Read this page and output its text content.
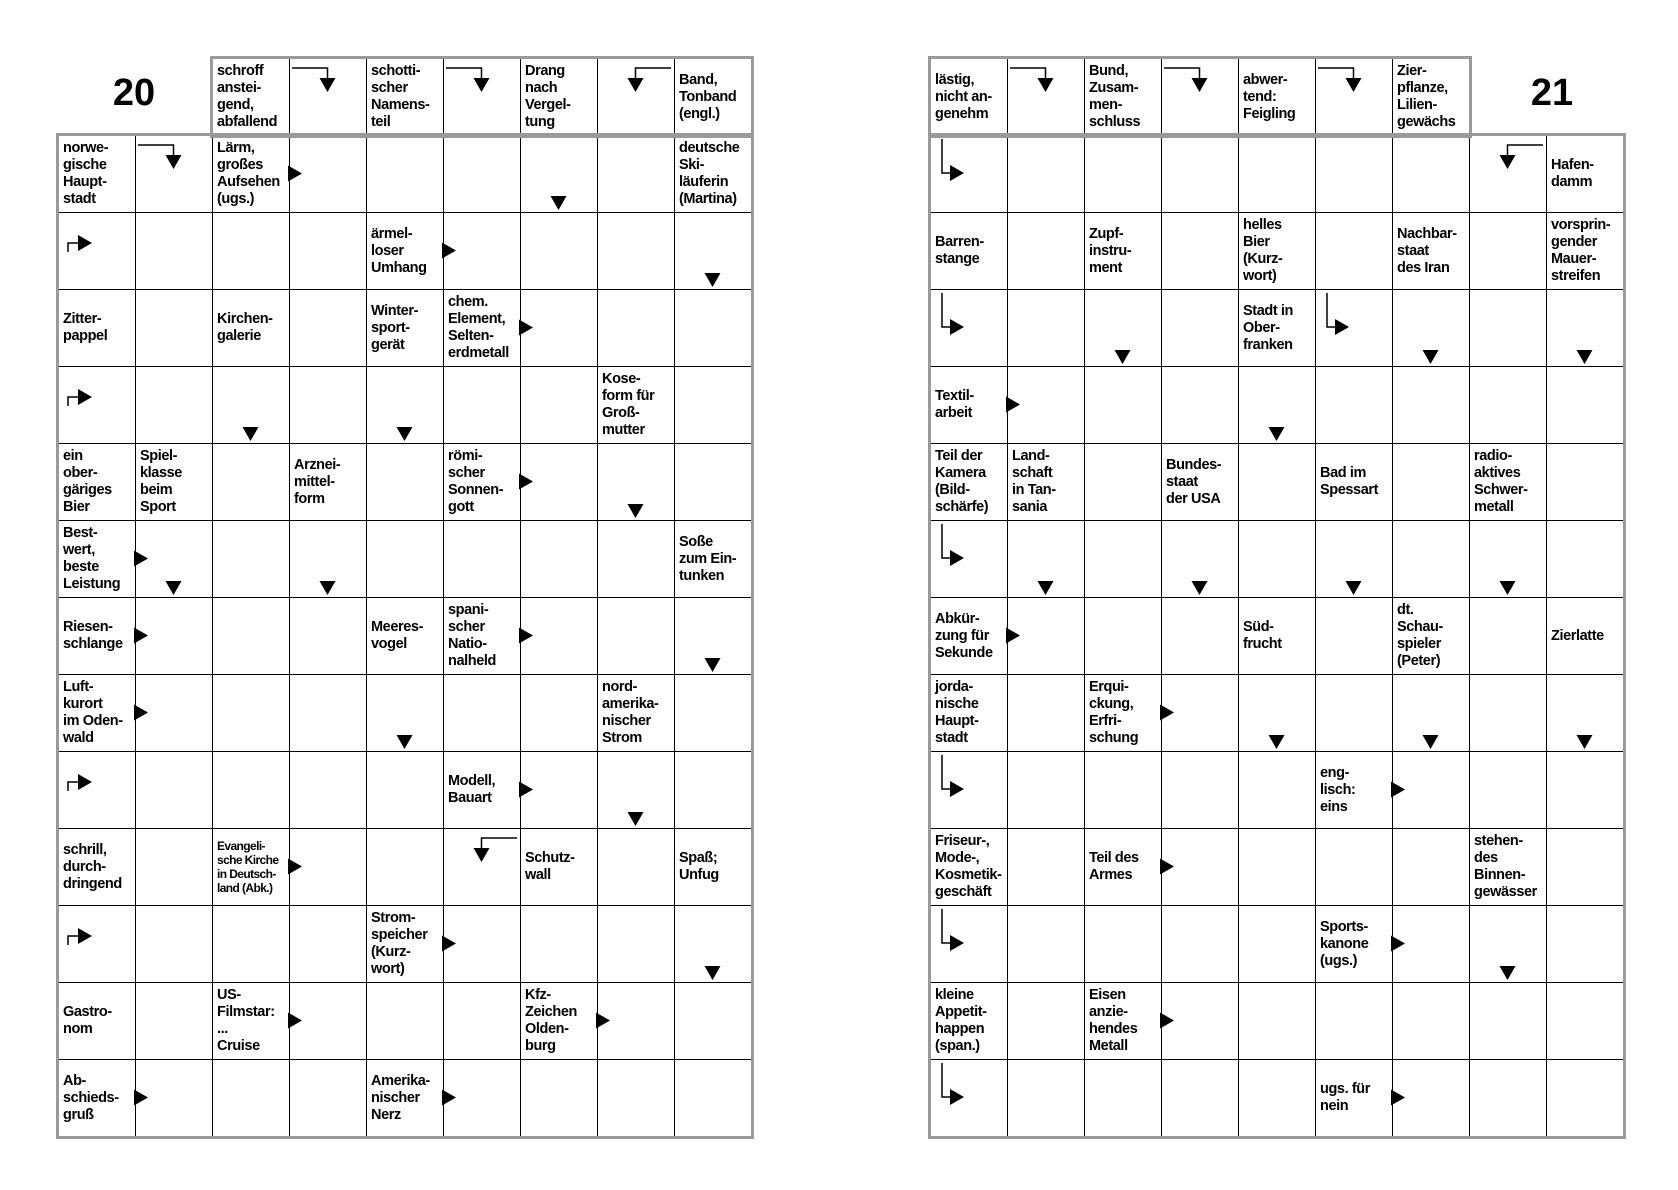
20	21
schroff
anstei-
gend,
abfallend
schotti-
scher
Namens-
teil
Drang
nach
Vergel-
tung
Band,
Tonband
(engl.)
norwe-
gische
Haupt-
stadt
Lärm,
großes
Aufsehen
(ugs.)
deutsche
Ski-
läuferin
(Martina)
ärmel-
loser
Umhang
Zitter-
pappel
Kirchen-
galerie
Winter-
sport-
gerät
chem.
Element,
Selten-
erdmetall
Kose-
form für
Groß-
mutter
ein
ober-
gäriges
Bier
Spiel-
klasse
beim
Sport
Arznei-
mittel-
form
römi-
scher
Sonnen-
gott
Best-
wert,
beste
Leistung
Soße
zum Ein-
tunken
Riesen-
schlange
Meeres-
vogel
spani-
scher
Natio-
nalheld
Luft-
kurort
im Oden-
wald
nord-
amerika-
nischer
Strom
Modell,
Bauart
schrill,
durch-
dringend
Evangeli-
sche Kirche
in Deutsch-
land (Abk.)
Schutz-
wall
Spaß;
Unfug
Strom-
speicher
(Kurz-
wort)
Gastro-
nom
US-
Filmstar:
...
Cruise
Kfz-
Zeichen
Olden-
burg
Ab-
schieds-
gruß
Amerika-
nischer
Nerz
lästig,
nicht an-
genehm
Bund,
Zusam-
men-
schluss
abwer-
tend:
Feigling
Zier-
pflanze,
Lilien-
gewächs
Hafen-
damm
Barren-
stange
Zupf-
instru-
ment
helles
Bier
(Kurz-
wort)
Nachbar-
staat
des Iran
vorsprin-
gender
Mauer-
streifen
Stadt in
Ober-
franken
Textil-
arbeit
Teil der
Kamera
(Bild-
schärfe)
Land-
schaft
in Tan-
sania
Bundes-
staat
der USA
Bad im
Spessart
radio-
aktives
Schwer-
metall
Abkür-
zung für
Sekunde
Süd-
frucht
dt.
Schau-
spieler
(Peter)
Zierlatte
jorda-
nische
Haupt-
stadt
Erqui-
ckung,
Erfri-
schung
eng-
lisch:
eins
Friseur-,
Mode-,
Kosmetik-
geschäft
Teil des
Armes
stehen-
des
Binnen-
gewässer
Sports-
kanone
(ugs.)
kleine
Appetit-
happen
(span.)
Eisen
anzie-
hendes
Metall
ugs. für
nein
